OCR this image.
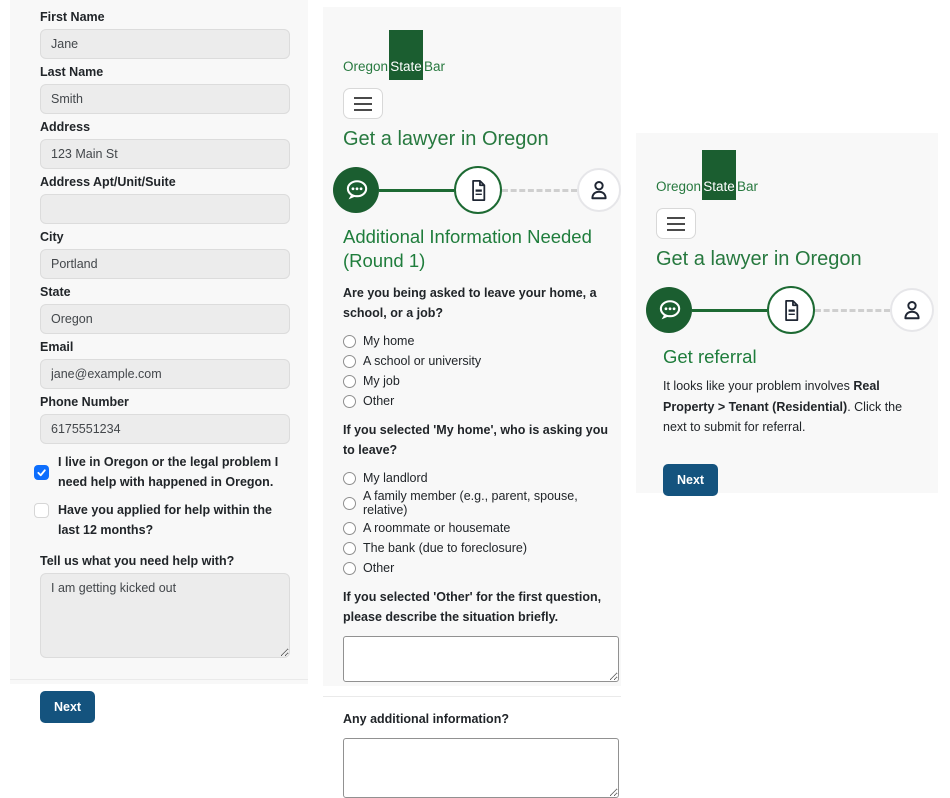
First Name
Jane
Last Name
Smith
Address
123 Main St
Address Apt/Unit/Suite
City
Portland
State
Oregon
Email
jane@example.com
Phone Number
6175551234
I live in Oregon or the legal problem I need help with happened in Oregon.
Have you applied for help within the last 12 months?
Tell us what you need help with?
I am getting kicked out
Next
Oregon State Bar
Get a lawyer in Oregon
Additional Information Needed (Round 1)
Are you being asked to leave your home, a school, or a job?
My home
A school or university
My job
Other
If you selected 'My home', who is asking you to leave?
My landlord
A family member (e.g., parent, spouse, relative)
A roommate or housemate
The bank (due to foreclosure)
Other
If you selected 'Other' for the first question, please describe the situation briefly.
Any additional information?
Oregon State Bar
Get a lawyer in Oregon
Get referral

It looks like your problem involves Real Property > Tenant (Residential). Click the next to submit for referral.

Next
